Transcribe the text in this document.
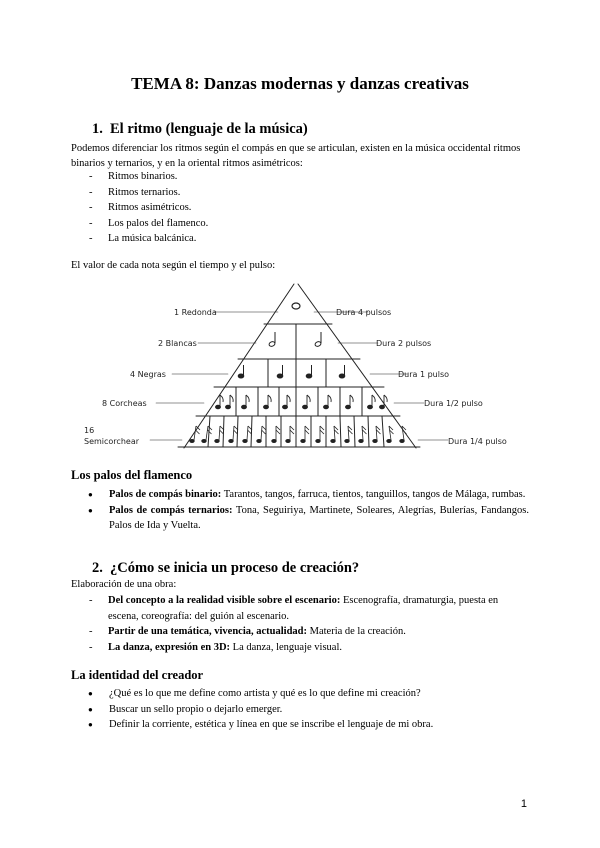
TEMA 8: Danzas modernas y danzas creativas
1. El ritmo (lenguaje de la música)
Podemos diferenciar los ritmos según el compás en que se articulan, existen en la música occidental ritmos binarios y ternarios, y en la oriental ritmos asimétricos:
- Ritmos binarios.
- Ritmos ternarios.
- Ritmos asimétricos.
- Los palos del flamenco.
- La música balcánica.
El valor de cada nota según el tiempo y el pulso:
1 Redonda	Dura 4 pulsos
2 Blancas	Dura 2 pulsos
4 Negras	Dura 1 pulso
8 Corcheas	Dura 1/2 pulso
16
Semicorchear	Dura 1/4 pulso
Los palos del flamenco
● Palos de compás binario: Tarantos, tangos, farruca, tientos, tanguillos, tangos de Málaga, rumbas.
● Palos de compás ternarios: Tona, Seguiriya, Martinete, Soleares, Alegrías, Bulerías, Fandangos. Palos de Ida y Vuelta.
2. ¿Cómo se inicia un proceso de creación?
Elaboración de una obra:
- Del concepto a la realidad visible sobre el escenario: Escenografía, dramaturgia, puesta en escena, coreografía: del guión al escenario.
- Partir de una temática, vivencia, actualidad: Materia de la creación.
- La danza, expresión en 3D: La danza, lenguaje visual.
La identidad del creador
● ¿Qué es lo que me define como artista y qué es lo que define mi creación?
● Buscar un sello propio o dejarlo emerger.
● Definir la corriente, estética y línea en que se inscribe el lenguaje de mi obra.
1
